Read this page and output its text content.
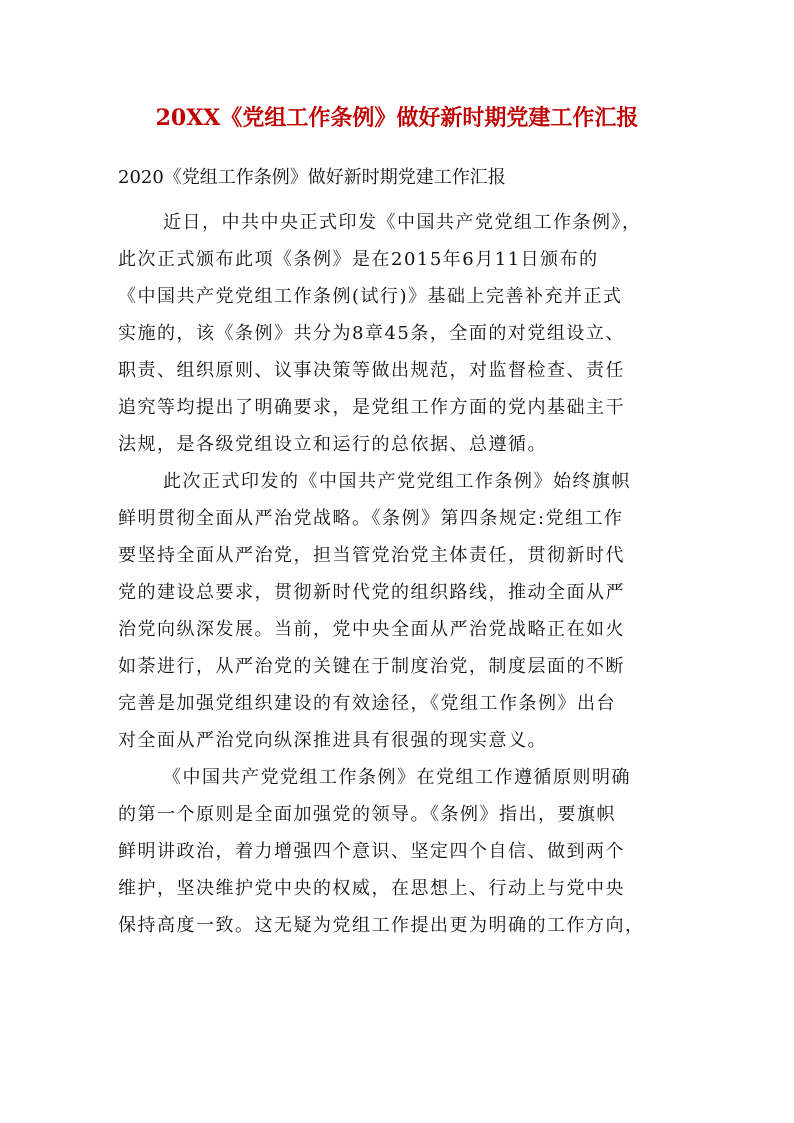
20XX《党组工作条例》做好新时期党建工作汇报
2020《党组工作条例》做好新时期党建工作汇报

近日，中共中央正式印发《中国共产党党组工作条例》，
此次正式颁布此项《条例》是在2015年6月11日颁布的
《中国共产党党组工作条例(试行)》基础上完善补充并正式
实施的，该《条例》共分为8章45条，全面的对党组设立、
职责、组织原则、议事决策等做出规范，对监督检查、责任
追究等均提出了明确要求，是党组工作方面的党内基础主干
法规，是各级党组设立和运行的总依据、总遵循。

此次正式印发的《中国共产党党组工作条例》始终旗帜
鲜明贯彻全面从严治党战略。《条例》第四条规定:党组工作
要坚持全面从严治党，担当管党治党主体责任，贯彻新时代
党的建设总要求，贯彻新时代党的组织路线，推动全面从严
治党向纵深发展。当前，党中央全面从严治党战略正在如火
如荼进行，从严治党的关键在于制度治党，制度层面的不断
完善是加强党组织建设的有效途径，《党组工作条例》出台
对全面从严治党向纵深推进具有很强的现实意义。

《中国共产党党组工作条例》在党组工作遵循原则明确
的第一个原则是全面加强党的领导。《条例》指出，要旗帜
鲜明讲政治，着力增强四个意识、坚定四个自信、做到两个
维护，坚决维护党中央的权威，在思想上、行动上与党中央
保持高度一致。这无疑为党组工作提出更为明确的工作方向，
